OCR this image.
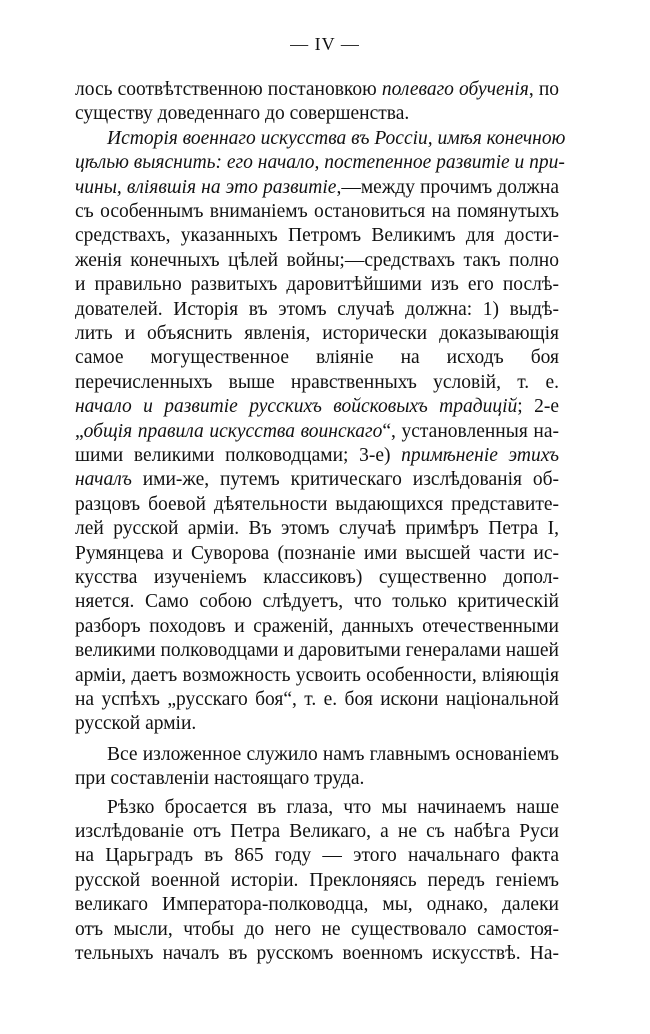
— IV —
лось соотвѣтственною постановкою полеваго обученія, по
существу доведеннаго до совершенства.
Исторія военнаго искусства въ Россіи, имѣя конечною
цѣлью выяснить: его начало, постепенное развитіе и при-
чины, вліявшія на это развитіе,—между прочимъ должна
съ особеннымъ вниманіемъ остановиться на помянутыхъ
средствахъ, указанныхъ Петромъ Великимъ для дости-
женія конечныхъ цѣлей войны;—средствахъ такъ полно
и правильно развитыхъ даровитѣйшими изъ его послѣ-
дователей. Исторія въ этомъ случаѣ должна: 1) выдѣ-
лить и объяснить явленія, исторически доказывающія
самое могущественное вліяніе на исходъ боя
перечисленныхъ выше нравственныхъ условій, т. е.
начало и развитіе русскихъ войсковыхъ традицій; 2-е
„общія правила искусства воинскаго“, установленныя на-
шими великими полководцами; 3-е) примѣненіе этихъ
началъ ими-же, путемъ критическаго изслѣдованія об-
разцовъ боевой дѣятельности выдающихся представите-
лей русской арміи. Въ этомъ случаѣ примѣръ Петра I,
Румянцева и Суворова (познаніе ими высшей части ис-
кусства изученіемъ классиковъ) существенно допол-
няется. Само собою слѣдуетъ, что только критическій
разборъ походовъ и сраженій, данныхъ отечественными
великими полководцами и даровитыми генералами нашей
арміи, даетъ возможность усвоить особенности, вліяющія
на успѣхъ „русскаго боя“, т. е. боя искони національной
русской арміи.
Все изложенное служило намъ главнымъ основаніемъ
при составленіи настоящаго труда.
Рѣзко бросается въ глаза, что мы начинаемъ наше
изслѣдованіе отъ Петра Великаго, а не съ набѣга Руси
на Царьградъ въ 865 году — этого начальнаго факта
русской военной исторіи. Преклоняясь передъ геніемъ
великаго Императора-полководца, мы, однако, далеки
отъ мысли, чтобы до него не существовало самостоя-
тельныхъ началъ въ русскомъ военномъ искусствѣ. На-
